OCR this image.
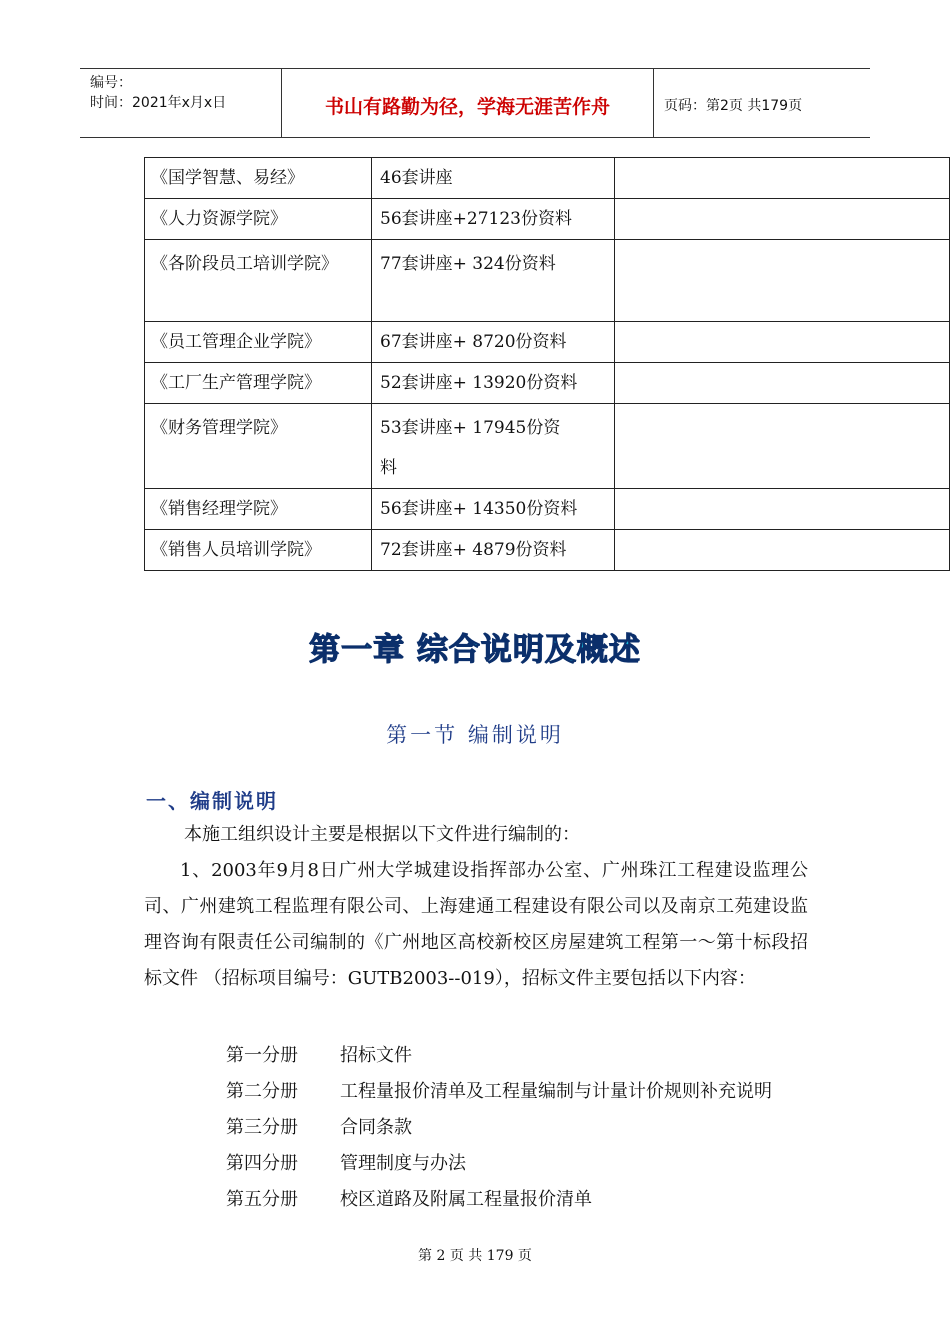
编号：
时间：2021年x月x日	书山有路勤为径，学海无涯苦作舟	页码：第2页 共179页
《国学智慧、易经》	46套讲座	
《人力资源学院》	56套讲座+27123份资料	
《各阶段员工培训学院》	77套讲座+ 324份资料	
《员工管理企业学院》	67套讲座+ 8720份资料	
《工厂生产管理学院》	52套讲座+ 13920份资料	
《财务管理学院》	53套讲座+ 17945份资料	
《销售经理学院》	56套讲座+ 14350份资料	
《销售人员培训学院》	72套讲座+ 4879份资料	
第一章 综合说明及概述
第一节 编制说明
一、编制说明
本施工组织设计主要是根据以下文件进行编制的：
1、2003年9月8日广州大学城建设指挥部办公室、广州珠江工程建设监理公司、广州建筑工程监理有限公司、上海建通工程建设有限公司以及南京工苑建设监理咨询有限责任公司编制的《广州地区高校新校区房屋建筑工程第一～第十标段招标文件 （招标项目编号：GUTB2003--019），招标文件主要包括以下内容：
第一分册	招标文件
第二分册	工程量报价清单及工程量编制与计量计价规则补充说明
第三分册	合同条款
第四分册	管理制度与办法
第五分册	校区道路及附属工程量报价清单
第 2 页 共 179 页
